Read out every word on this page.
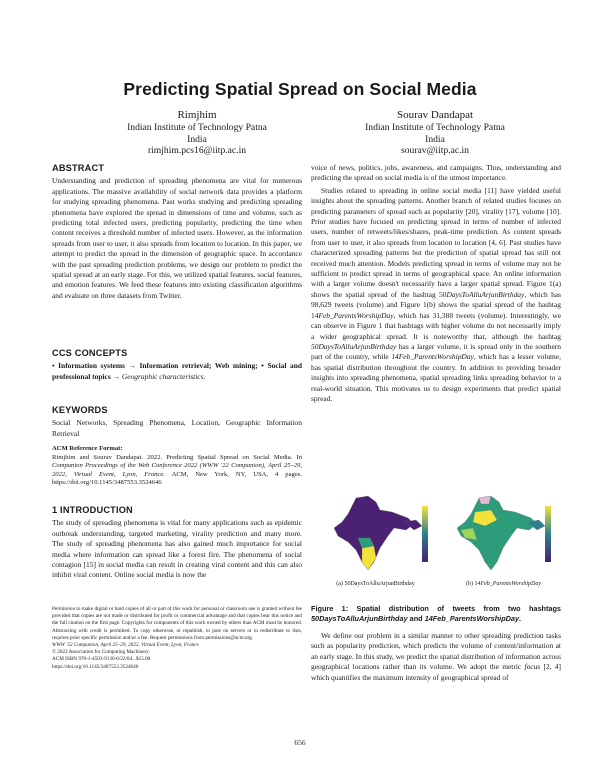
Predicting Spatial Spread on Social Media
Rimjhim
Indian Institute of Technology Patna
India
rimjhim.pcs16@iitp.ac.in
Sourav Dandapat
Indian Institute of Technology Patna
India
sourav@iitp.ac.in
ABSTRACT

Understanding and prediction of spreading phenomena are vital for numerous applications. The massive availability of social network data provides a platform for studying spreading phenomena. Past works studying and predicting spreading phenomena have explored the spread in dimensions of time and volume, such as predicting total infected users, predicting popularity, predicting the time when content receives a threshold number of infected users. However, as the information spreads from user to user, it also spreads from location to location. In this paper, we attempt to predict the spread in the dimension of geographic space. In accordance with the past spreading prediction problems, we design our problem to predict the spatial spread at an early stage. For this, we utilized spatial features, social features, and emotion features. We feed these features into existing classification algorithms and evaluate on three datasets from Twitter.

CCS CONCEPTS

• Information systems → Information retrieval; Web mining; • Social and professional topics → Geographic characteristics.

KEYWORDS

Social Networks, Spreading Phenomena, Location, Geographic Information Retrieval

ACM Reference Format:
Rimjhim and Sourav Dandapat. 2022. Predicting Spatial Spread on Social Media. In Companion Proceedings of the Web Conference 2022 (WWW '22 Companion), April 25–29, 2022, Virtual Event, Lyon, France. ACM, New York, NY, USA, 4 pages. https://doi.org/10.1145/3487553.3524646
1 INTRODUCTION

The study of spreading phenomena is vital for many applications such as epidemic outbreak understanding, targeted marketing, virality prediction and many more. The study of spreading phenomena has also gained much importance for social media where information can spread like a forest fire. The phenomena of social contagion [15] in social media can result in creating viral content and this can also inhibit viral content. Online social media is now the

Permission to make digital or hard copies of all or part of this work for personal or classroom use is granted without fee provided that copies are not made or distributed for profit or commercial advantage and that copies bear this notice and the full citation on the first page. Copyrights for components of this work owned by others than ACM must be honored. Abstracting with credit is permitted. To copy otherwise, or republish, to post on servers or to redistribute to lists, requires prior specific permission and/or a fee. Request permissions from permissions@acm.org.

WWW '22 Companion, April 25–29, 2022, Virtual Event, Lyon, France

© 2022 Association for Computing Machinery.

ACM ISBN 978-1-4503-9130-6/22/04...$15.00

https://doi.org/10.1145/3487553.3524646

voice of news, politics, jobs, awareness, and campaigns. Thus, understanding and predicting the spread on social media is of the utmost importance.

Studies related to spreading in online social media [11] have yielded useful insights about the spreading patterns. Another branch of related studies focuses on predicting parameters of spread such as popularity [20], virality [17], volume [10]. Prior studies have focused on predicting spread in terms of number of infected users, number of retweets/likes/shares, peak-time prediction. As content spreads from user to user, it also spreads from location to location [4, 6]. Past studies have characterized spreading patterns but the prediction of spatial spread has still not received much attention. Models predicting spread in terms of volume may not be sufficient to predict spread in terms of geographical space. An online information with a larger volume doesn't necessarily have a larger spatial spread. Figure 1(a) shows the spatial spread of the hashtag 50DaysToAlluArjunBirthday, which has 98,629 tweets (volume) and Figure 1(b) shows the spatial spread of the hashtag 14Feb_ParentsWorshipDay, which has 31,388 tweets (volume). Interestingly, we can observe in Figure 1 that hashtags with higher volume do not necessarily imply a wider geographical spread. It is noteworthy that, although the hashtag 50DaysToAlluArjunBirthday has a larger volume, it is spread only in the southern part of the country, while 14Feb_ParentsWorshipDay, which has a lesser volume, has spatial distribution throughout the country. In addition to providing broader insights into spreading phenomena, spatial spreading links spreading behavior to a real-world situation. This motivates us to design experiments that predict spatial spread.

(a) 50DaysToAlluArjunBirthday	(b) 14Feb_ParentsWorshipDay
Figure 1: Spatial distribution of tweets from two hashtags 50DaysToAlluArjunBirthday and 14Feb_ParentsWorshipDay.

We define our problem in a similar manner to other spreading prediction tasks such as popularity prediction, which predicts the volume of content/information at an early stage. In this study, we predict the spatial distribution of information across geographical locations rather than its volume. We adopt the metric focus [2, 4] which quantifies the maximum intensity of geographical spread of

656
